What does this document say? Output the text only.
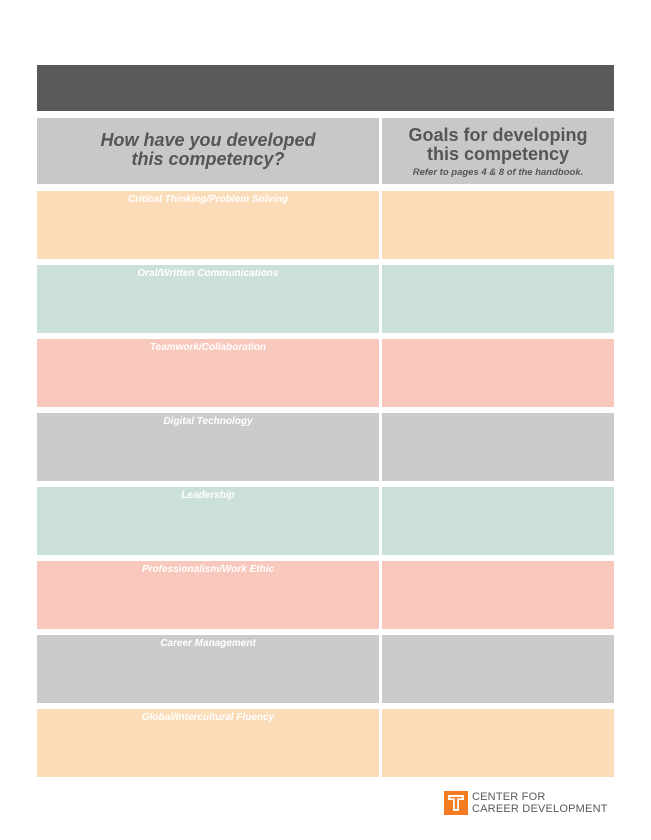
How have you developed
this competency?
Goals for developing
this competency
Refer to pages 4 & 8 of the handbook.
Critical Thinking/Problem Solving
Oral/Written Communications
Teamwork/Collaboration
Digital Technology
Leadership
Professionalism/Work Ethic
Career Management
Global/Intercultural Fluency
CENTER FOR
CAREER DEVELOPMENT
